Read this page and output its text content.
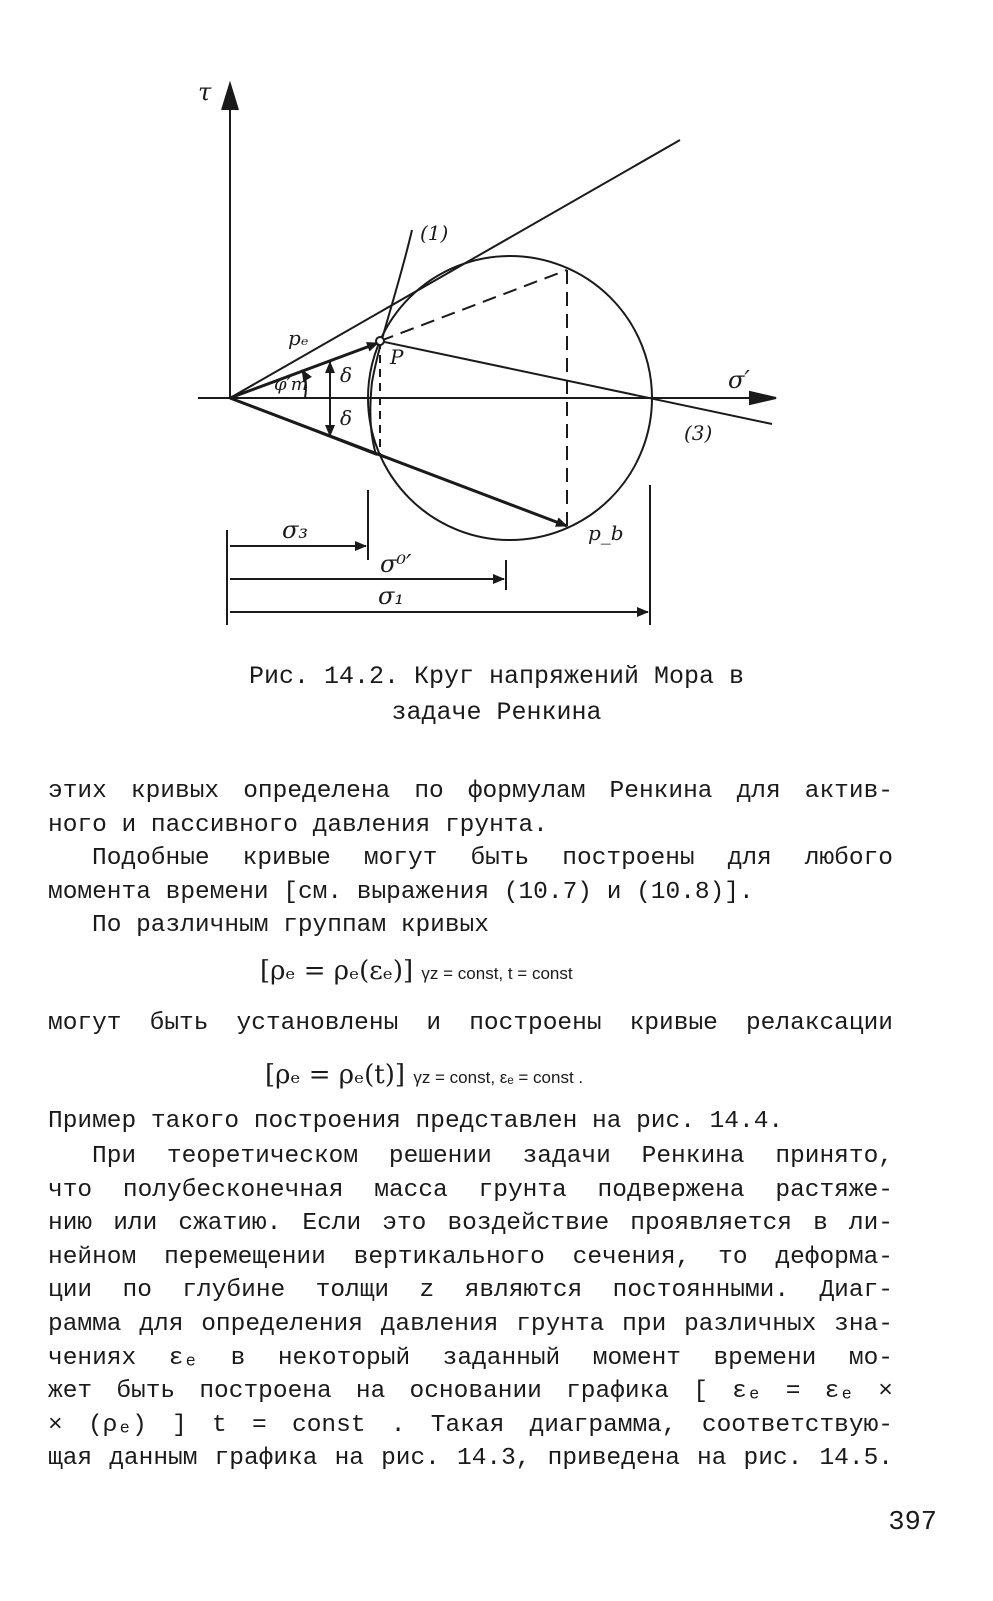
τ
σ′
(1)
(3)
pₑ
φ′m δ
δ
P
p_b
σ₃
σ⁰′
σ₁
Рис. 14.2. Круг напряжений Мора в
задаче Ренкина

этих кривых определена по формулам Ренкина для актив-

ного и пассивного давления грунта.

Подобные кривые могут быть построены для любого

момента времени [см. выражения (10.7) и (10.8)].

По различным группам кривых

[ρₑ = ρₑ(εₑ)] γz = const, t = const

могут быть установлены и построены кривые релаксации

[ρₑ = ρₑ(t)] γz = const, εₑ = const .

Пример такого построения представлен на рис. 14.4.

При теоретическом решении задачи Ренкина принято,

что полубесконечная масса грунта подвержена растяже-

нию или сжатию. Если это воздействие проявляется в ли-

нейном перемещении вертикального сечения, то деформа-

ции по глубине толщи z являются постоянными. Диаг-

рамма для определения давления грунта при различных зна-

чениях εₑ в некоторый заданный момент времени мо-

жет быть построена на основании графика [ εₑ = εₑ ×

× (ρₑ) ] t = const . Такая диаграмма, соответствую-

щая данным графика на рис. 14.3, приведена на рис. 14.5.

397
